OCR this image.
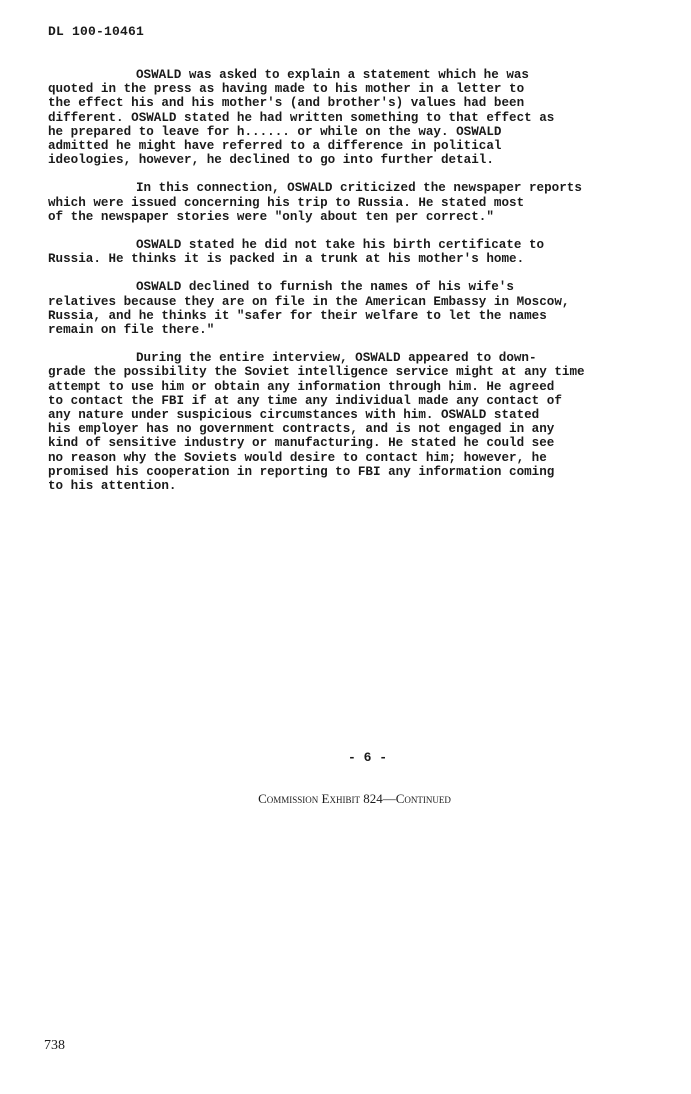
DL 100-10461

OSWALD was asked to explain a statement which he was
quoted in the press as having made to his mother in a letter to
the effect his and his mother's (and brother's) values had been
different. OSWALD stated he had written something to that effect as
he prepared to leave for h...... or while on the way. OSWALD
admitted he might have referred to a difference in political
ideologies, however, he declined to go into further detail.

In this connection, OSWALD criticized the newspaper reports
which were issued concerning his trip to Russia. He stated most
of the newspaper stories were "only about ten per correct."

OSWALD stated he did not take his birth certificate to
Russia. He thinks it is packed in a trunk at his mother's home.

OSWALD declined to furnish the names of his wife's
relatives because they are on file in the American Embassy in Moscow,
Russia, and he thinks it "safer for their welfare to let the names
remain on file there."

During the entire interview, OSWALD appeared to down-
grade the possibility the Soviet intelligence service might at any time
attempt to use him or obtain any information through him. He agreed
to contact the FBI if at any time any individual made any contact of
any nature under suspicious circumstances with him. OSWALD stated
his employer has no government contracts, and is not engaged in any
kind of sensitive industry or manufacturing. He stated he could see
no reason why the Soviets would desire to contact him; however, he
promised his cooperation in reporting to FBI any information coming
to his attention.

- 6 -
Commission Exhibit 824—Continued
738
